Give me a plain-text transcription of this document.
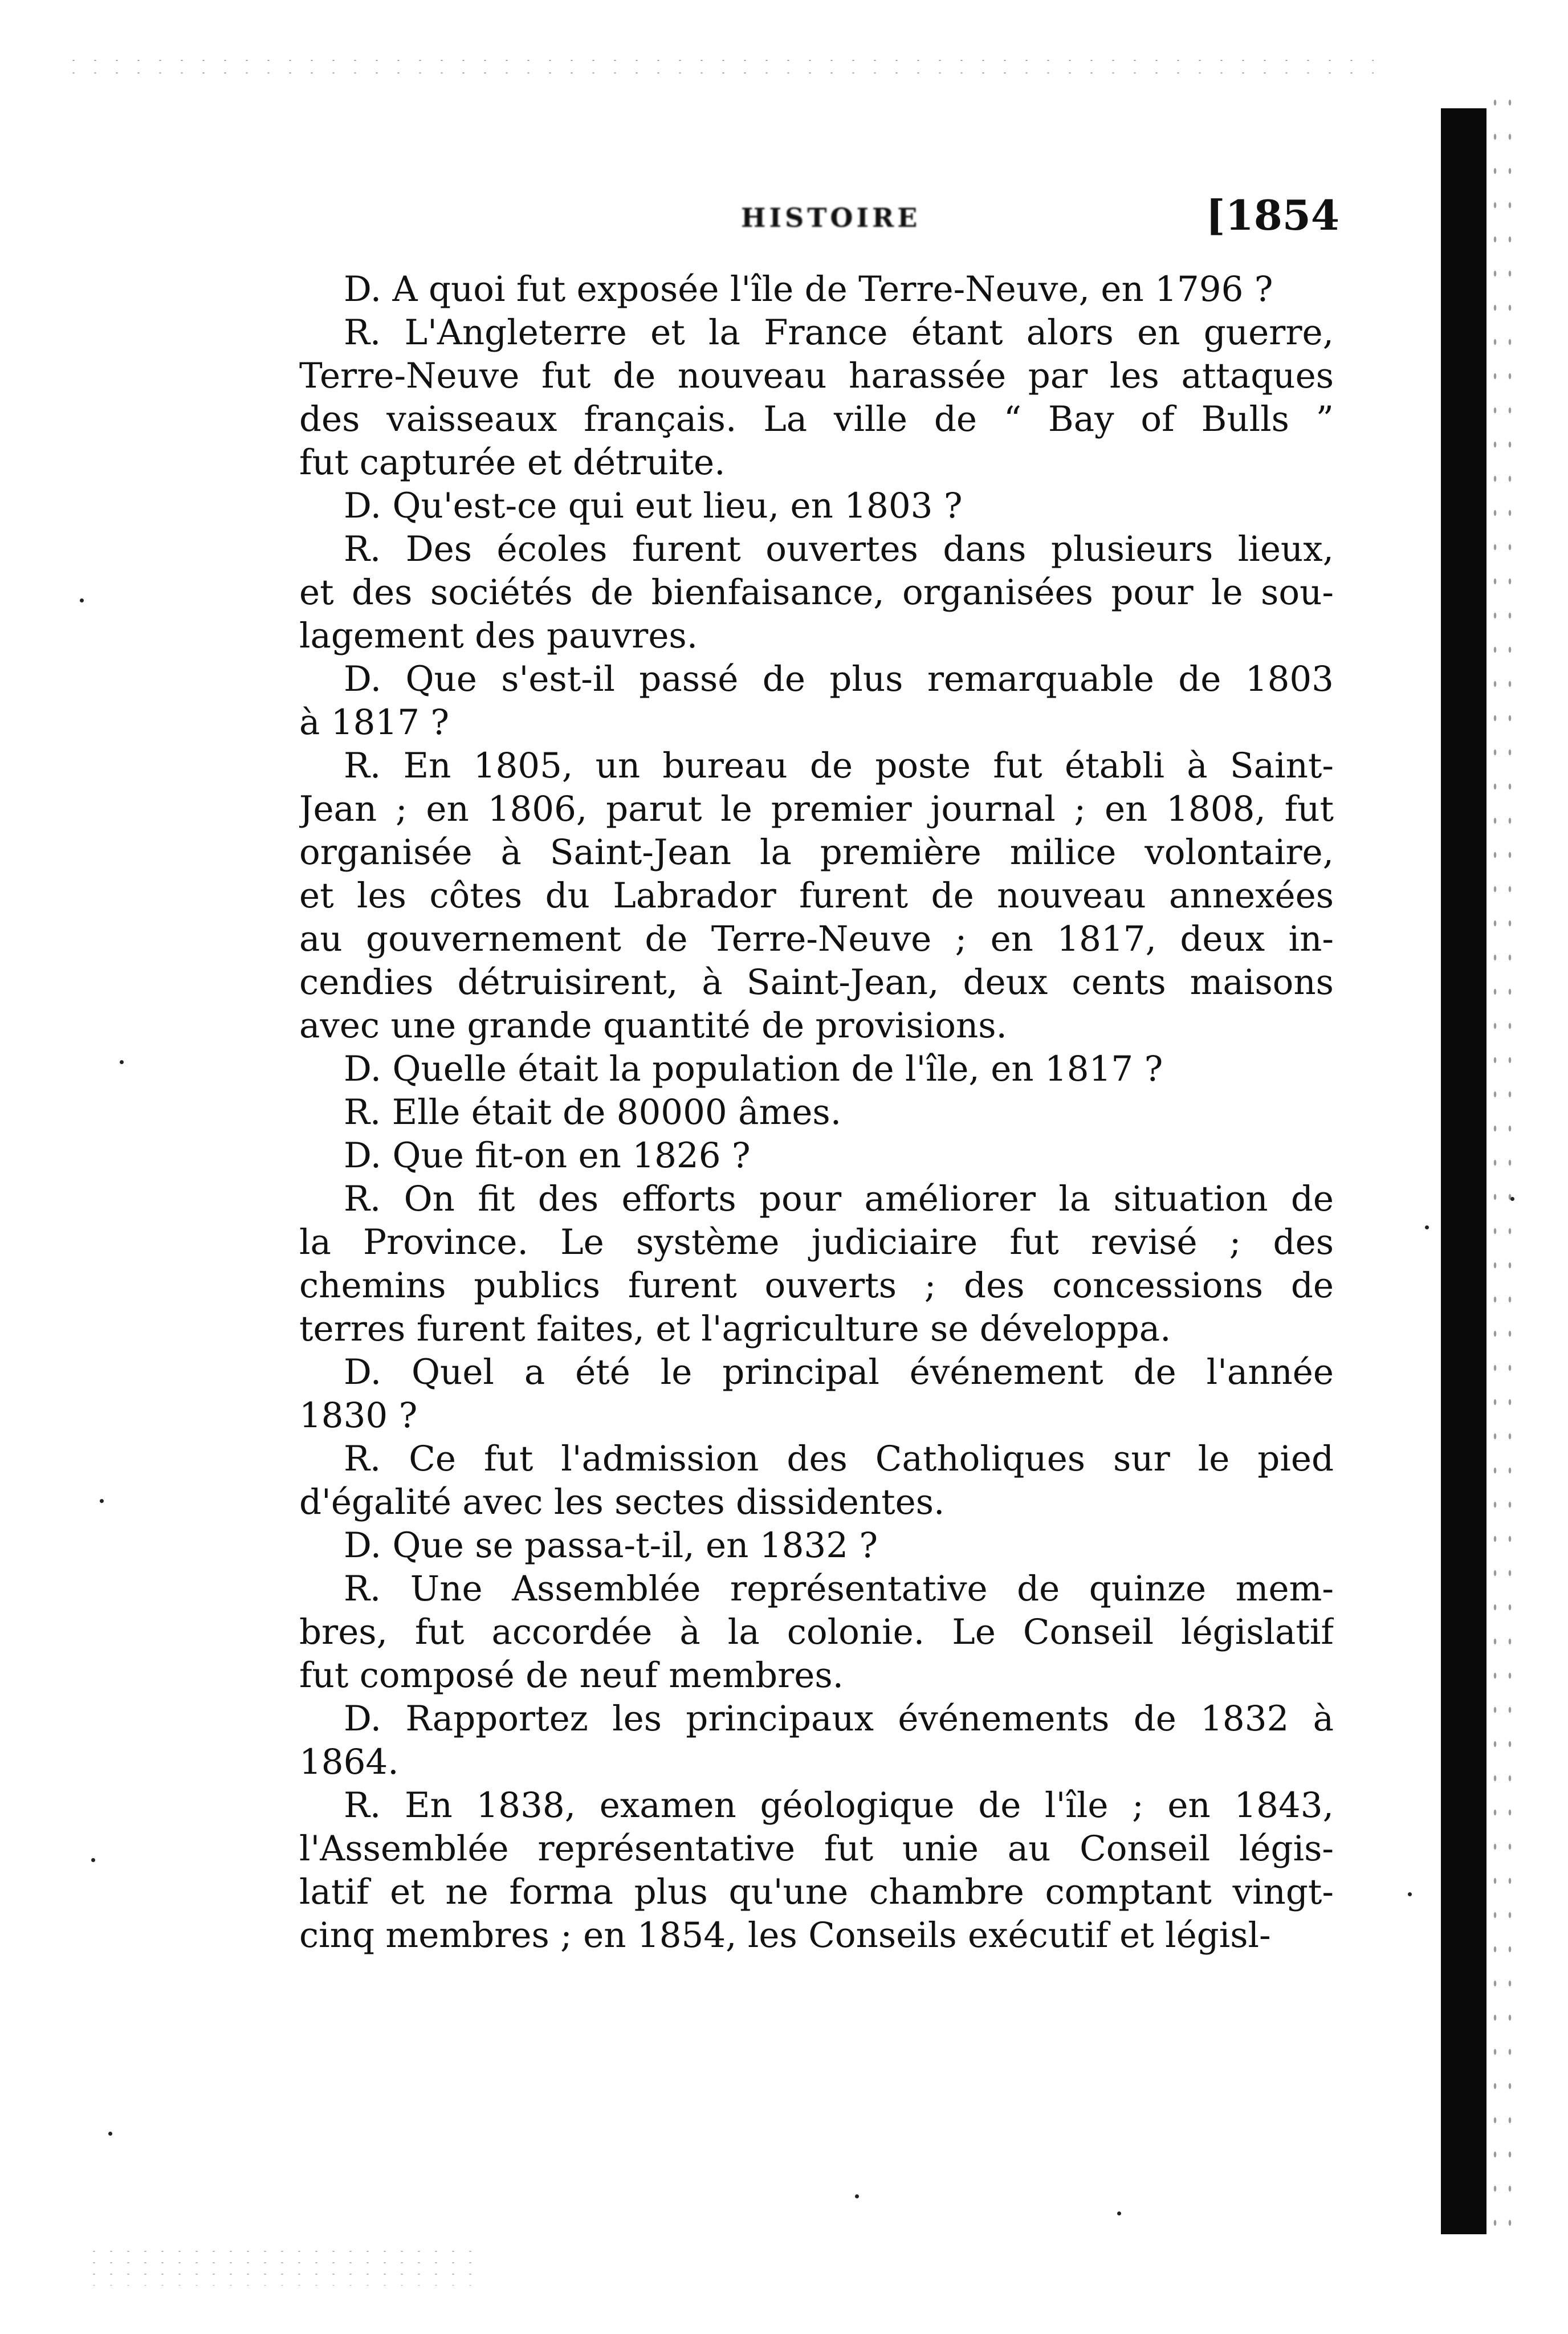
HISTOIRE	[1854
D. A quoi fut exposée l'île de Terre-Neuve, en 1796 ?
R. L'Angleterre et la France étant alors en guerre,
Terre-Neuve fut de nouveau harassée par les attaques
des vaisseaux français. La ville de “ Bay of Bulls ”
fut capturée et détruite.
D. Qu'est-ce qui eut lieu, en 1803 ?
R. Des écoles furent ouvertes dans plusieurs lieux,
et des sociétés de bienfaisance, organisées pour le sou-
lagement des pauvres.
D. Que s'est-il passé de plus remarquable de 1803
à 1817 ?
R. En 1805, un bureau de poste fut établi à Saint-
Jean ; en 1806, parut le premier journal ; en 1808, fut
organisée à Saint-Jean la première milice volontaire,
et les côtes du Labrador furent de nouveau annexées
au gouvernement de Terre-Neuve ; en 1817, deux in-
cendies détruisirent, à Saint-Jean, deux cents maisons
avec une grande quantité de provisions.
D. Quelle était la population de l'île, en 1817 ?
R. Elle était de 80000 âmes.
D. Que fit-on en 1826 ?
R. On fit des efforts pour améliorer la situation de
la Province. Le système judiciaire fut revisé ; des
chemins publics furent ouverts ; des concessions de
terres furent faites, et l'agriculture se développa.
D. Quel a été le principal événement de l'année
1830 ?
R. Ce fut l'admission des Catholiques sur le pied
d'égalité avec les sectes dissidentes.
D. Que se passa-t-il, en 1832 ?
R. Une Assemblée représentative de quinze mem-
bres, fut accordée à la colonie. Le Conseil législatif
fut composé de neuf membres.
D. Rapportez les principaux événements de 1832 à
1864.
R. En 1838, examen géologique de l'île ; en 1843,
l'Assemblée représentative fut unie au Conseil légis-
latif et ne forma plus qu'une chambre comptant vingt-
cinq membres ; en 1854, les Conseils exécutif et législ-
